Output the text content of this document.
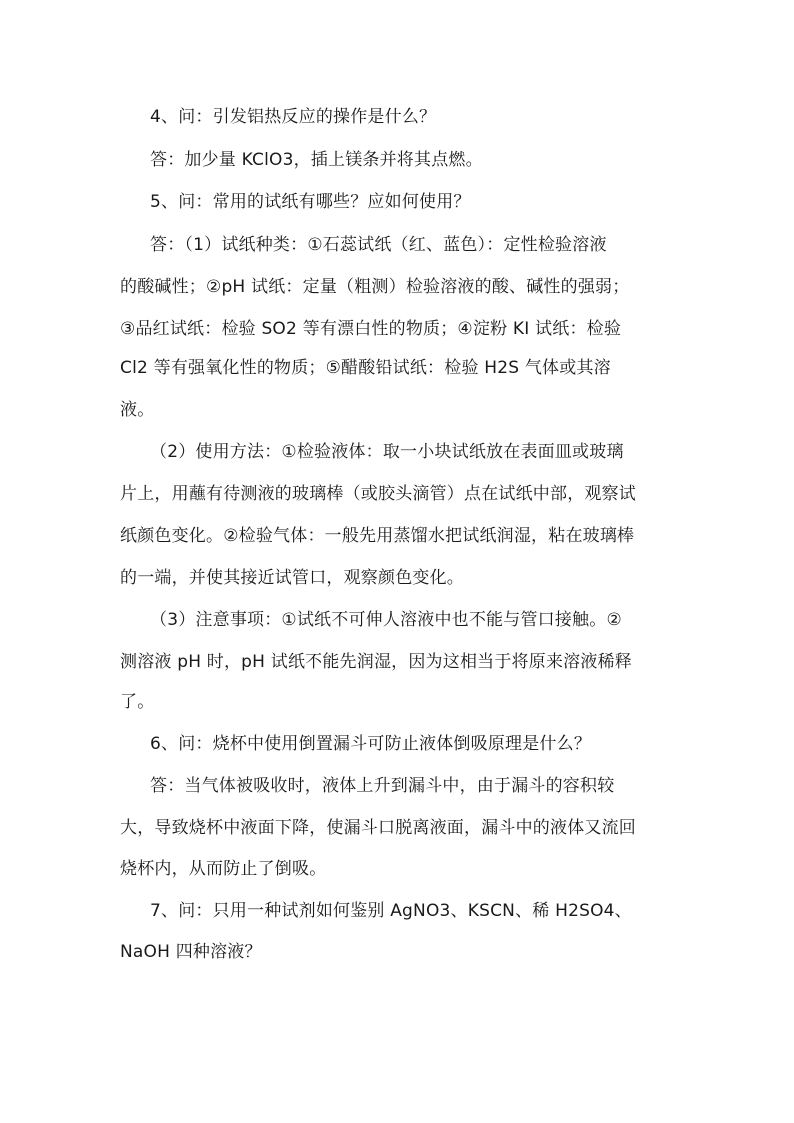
4、问：引发铝热反应的操作是什么？
答：加少量 KClO3，插上镁条并将其点燃。
5、问：常用的试纸有哪些？应如何使用？
答：（1）试纸种类：①石蕊试纸（红、蓝色）：定性检验溶液
的酸碱性；②pH 试纸：定量（粗测）检验溶液的酸、碱性的强弱；
③品红试纸：检验 SO2 等有漂白性的物质；④淀粉 KI 试纸：检验
Cl2 等有强氧化性的物质；⑤醋酸铅试纸：检验 H2S 气体或其溶
液。
（2）使用方法：①检验液体：取一小块试纸放在表面皿或玻璃
片上，用蘸有待测液的玻璃棒（或胶头滴管）点在试纸中部，观察试
纸颜色变化。②检验气体：一般先用蒸馏水把试纸润湿，粘在玻璃棒
的一端，并使其接近试管口，观察颜色变化。
（3）注意事项：①试纸不可伸人溶液中也不能与管口接触。②
测溶液 pH 时，pH 试纸不能先润湿，因为这相当于将原来溶液稀释
了。
6、问：烧杯中使用倒置漏斗可防止液体倒吸原理是什么？
答：当气体被吸收时，液体上升到漏斗中，由于漏斗的容积较
大，导致烧杯中液面下降，使漏斗口脱离液面，漏斗中的液体又流回
烧杯内，从而防止了倒吸。
7、问：只用一种试剂如何鉴别 AgNO3、KSCN、稀 H2SO4、
NaOH 四种溶液？
